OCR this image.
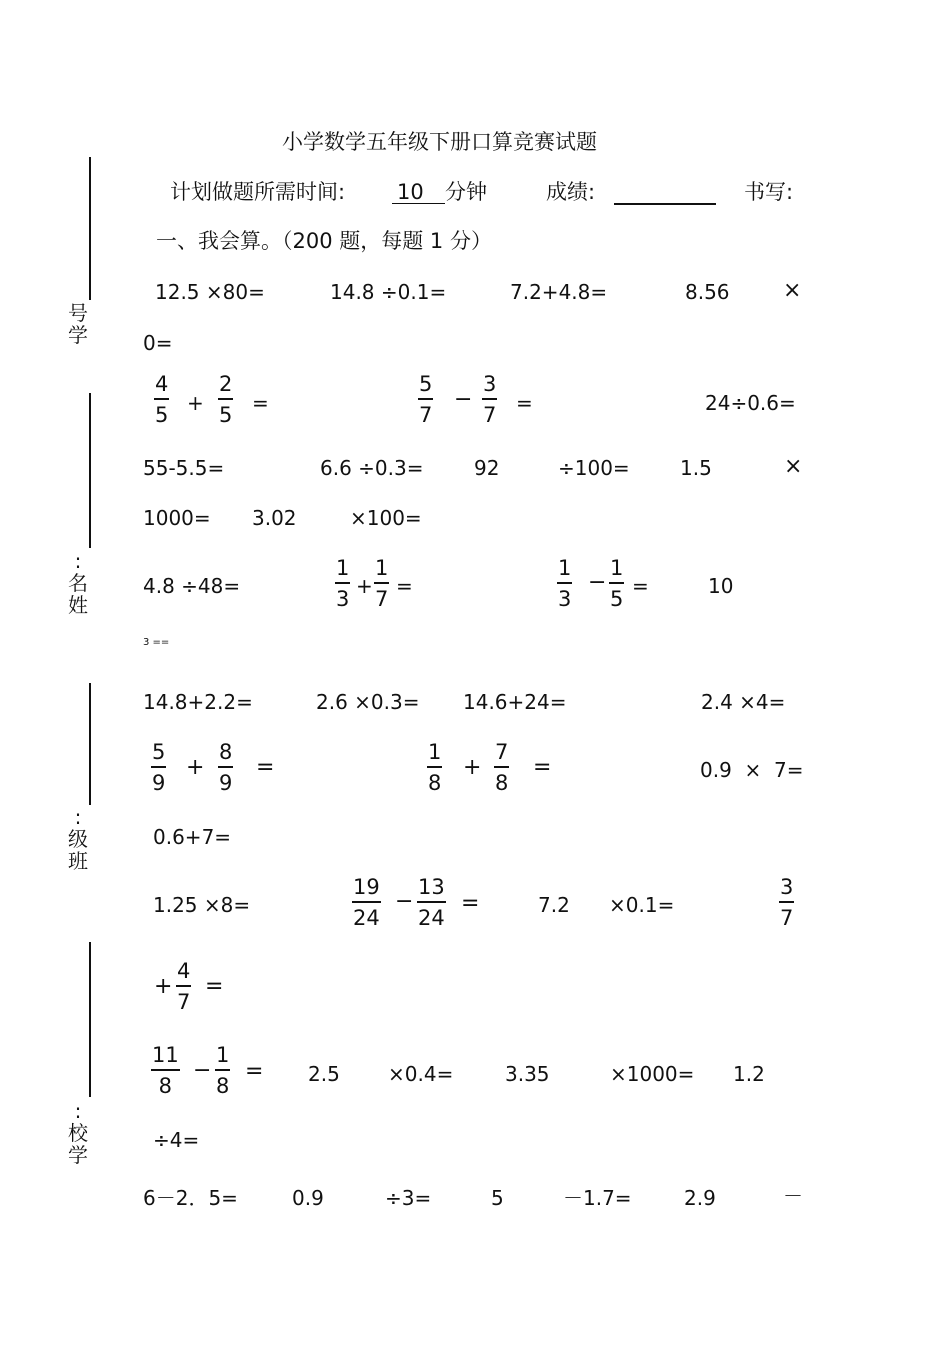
小学数学五年级下册口算竞赛试题
计划做题所需时间: 10	分钟	成绩:	书写:
一、我会算。（200 题，每题 1 分）
号
学
:
名
姓
:
级
班
:
校
学
12.5 ×80=	14.8 ÷0.1=	7.2+4.8=	8.56 ×
0=
4
5 +
2
5 =
5
7
−
3
7 =	24÷0.6=
55-5.5=	6.6 ÷0.3=	92	÷100=	1.5	×
1000= 3.02	×100=
4.8 ÷48=
1
3
+
1
7
=
1
3
−
1
5
=	10
3 ==
14.8+2.2=	2.6 ×0.3= 14.6+24=	2.4 ×4=
5
9
+
8
9
=
1
8
+
7
8
=	0.9  ×  7=
0.6+7=
1.25 ×8=
19
24
−
13
24
=	7.2 ×0.1=
3
7
+
4
7
=
11
8
−
1
8
= 2.5 ×0.4=	3.35	×1000= 1.2
÷4=
6－2．5=	0.9	÷3=	5	－1.7=	2.9	－
